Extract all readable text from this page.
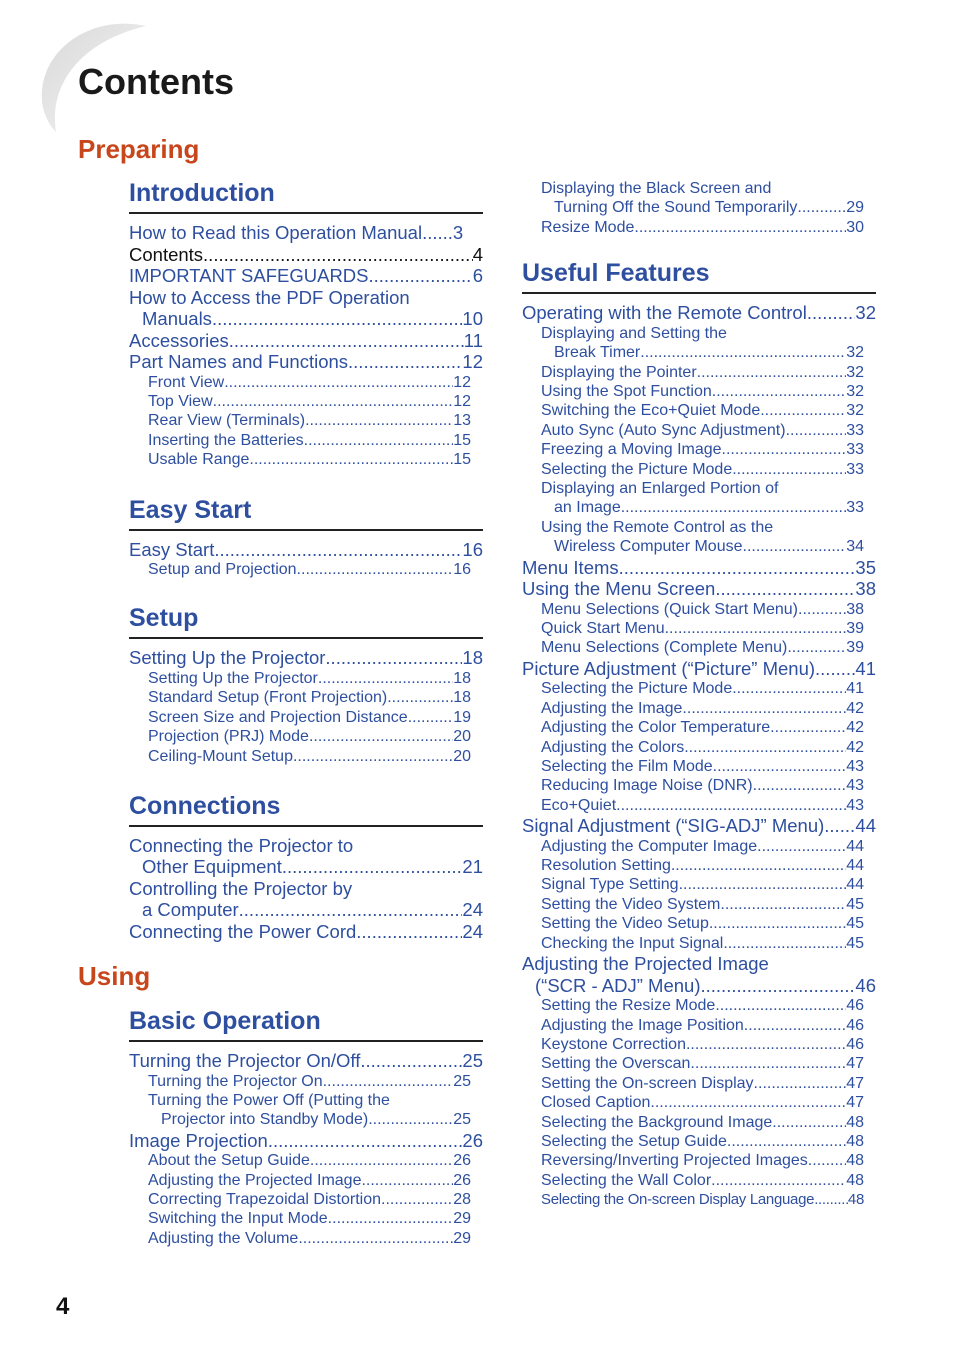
Contents
Preparing
Using
Introduction
How to Read this Operation Manual ...... 3
Contents .....	4
IMPORTANT SAFEGUARDS .....	6
How to Access the PDF Operation
Manuals .....	10
Accessories .....	11
Part Names and Functions .....	12
Front View .....	12
Top View .....	12
Rear View (Terminals) .....	13
Inserting the Batteries .....	15
Usable Range .....	15
Easy Start
Easy Start .....	16
Setup and Projection .....	16
Setup
Setting Up the Projector .....	18
Setting Up the Projector .....	18
Standard Setup (Front Projection) .....	18
Screen Size and Projection Distance .....	19
Projection (PRJ) Mode .....	20
Ceiling-Mount Setup .....	20
Connections
Connecting the Projector to
Other Equipment .....	21
Controlling the Projector by
a Computer .....	24
Connecting the Power Cord .....	24
Basic Operation
Turning the Projector On/Off .....	25
Turning the Projector On .....	25
Turning the Power Off (Putting the
Projector into Standby Mode) .....	25
Image Projection .....	26
About the Setup Guide .....	26
Adjusting the Projected Image .....	26
Correcting Trapezoidal Distortion .....	28
Switching the Input Mode .....	29
Adjusting the Volume .....	29
Displaying the Black Screen and
Turning Off the Sound Temporarily .....	29
Resize Mode .....	30
Useful Features
Operating with the Remote Control .....	32
Displaying and Setting the
Break Timer .....	32
Displaying the Pointer .....	32
Using the Spot Function .....	32
Switching the Eco+Quiet Mode .....	32
Auto Sync (Auto Sync Adjustment) .....	33
Freezing a Moving Image .....	33
Selecting the Picture Mode .....	33
Displaying an Enlarged Portion of
an Image .....	33
Using the Remote Control as the
Wireless Computer Mouse .....	34
Menu Items .....	35
Using the Menu Screen .....	38
Menu Selections (Quick Start Menu) .....	38
Quick Start Menu .....	39
Menu Selections (Complete Menu) .....	39
Picture Adjustment (“Picture” Menu) ..... 41
Selecting the Picture Mode .....	41
Adjusting the Image .....	42
Adjusting the Color Temperature .....	42
Adjusting the Colors .....	42
Selecting the Film Mode .....	43
Reducing Image Noise (DNR) .....	43
Eco+Quiet .....	43
Signal Adjustment (“SIG-ADJ” Menu) ..... 44
Adjusting the Computer Image .....	44
Resolution Setting .....	44
Signal Type Setting .....	44
Setting the Video System .....	45
Setting the Video Setup .....	45
Checking the Input Signal .....	45
Adjusting the Projected Image
(“SCR - ADJ” Menu) .....	46
Setting the Resize Mode .....	46
Adjusting the Image Position .....	46
Keystone Correction .....	46
Setting the Overscan .....	47
Setting the On-screen Display .....	47
Closed Caption .....	47
Selecting the Background Image .....	48
Selecting the Setup Guide .....	48
Reversing/Inverting Projected Images ..... 48
Selecting the Wall Color .....	48
Selecting the On-screen Display Language ..... 48
4
